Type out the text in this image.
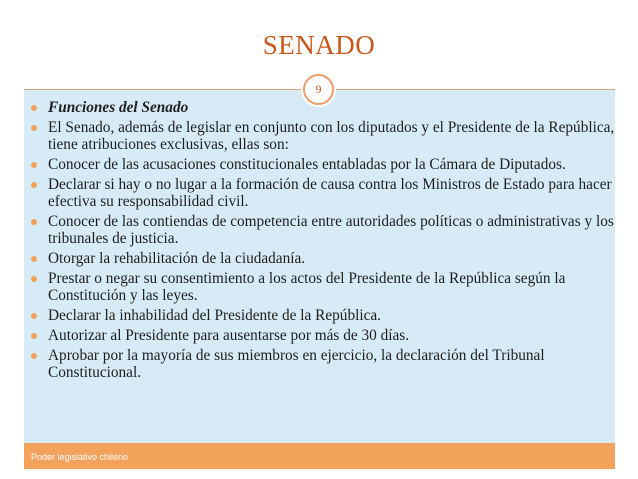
SENADO
9
Funciones del Senado
El Senado, además de legislar en conjunto con los diputados y el Presidente de la República, tiene atribuciones exclusivas, ellas son:
Conocer de las acusaciones constitucionales entabladas por la Cámara de Diputados.
Declarar si hay o no lugar a la formación de causa contra los Ministros de Estado para hacer efectiva su responsabilidad civil.
Conocer de las contiendas de competencia entre autoridades políticas o administrativas y los tribunales de justicia.
Otorgar la rehabilitación de la ciudadanía.
Prestar o negar su consentimiento a los actos del Presidente de la República según la Constitución y las leyes.
Declarar la inhabilidad del Presidente de la República.
Autorizar al Presidente para ausentarse por más de 30 días.
Aprobar por la mayoría de sus miembros en ejercicio, la declaración del Tribunal Constitucional.
Poder legislativo chileno
